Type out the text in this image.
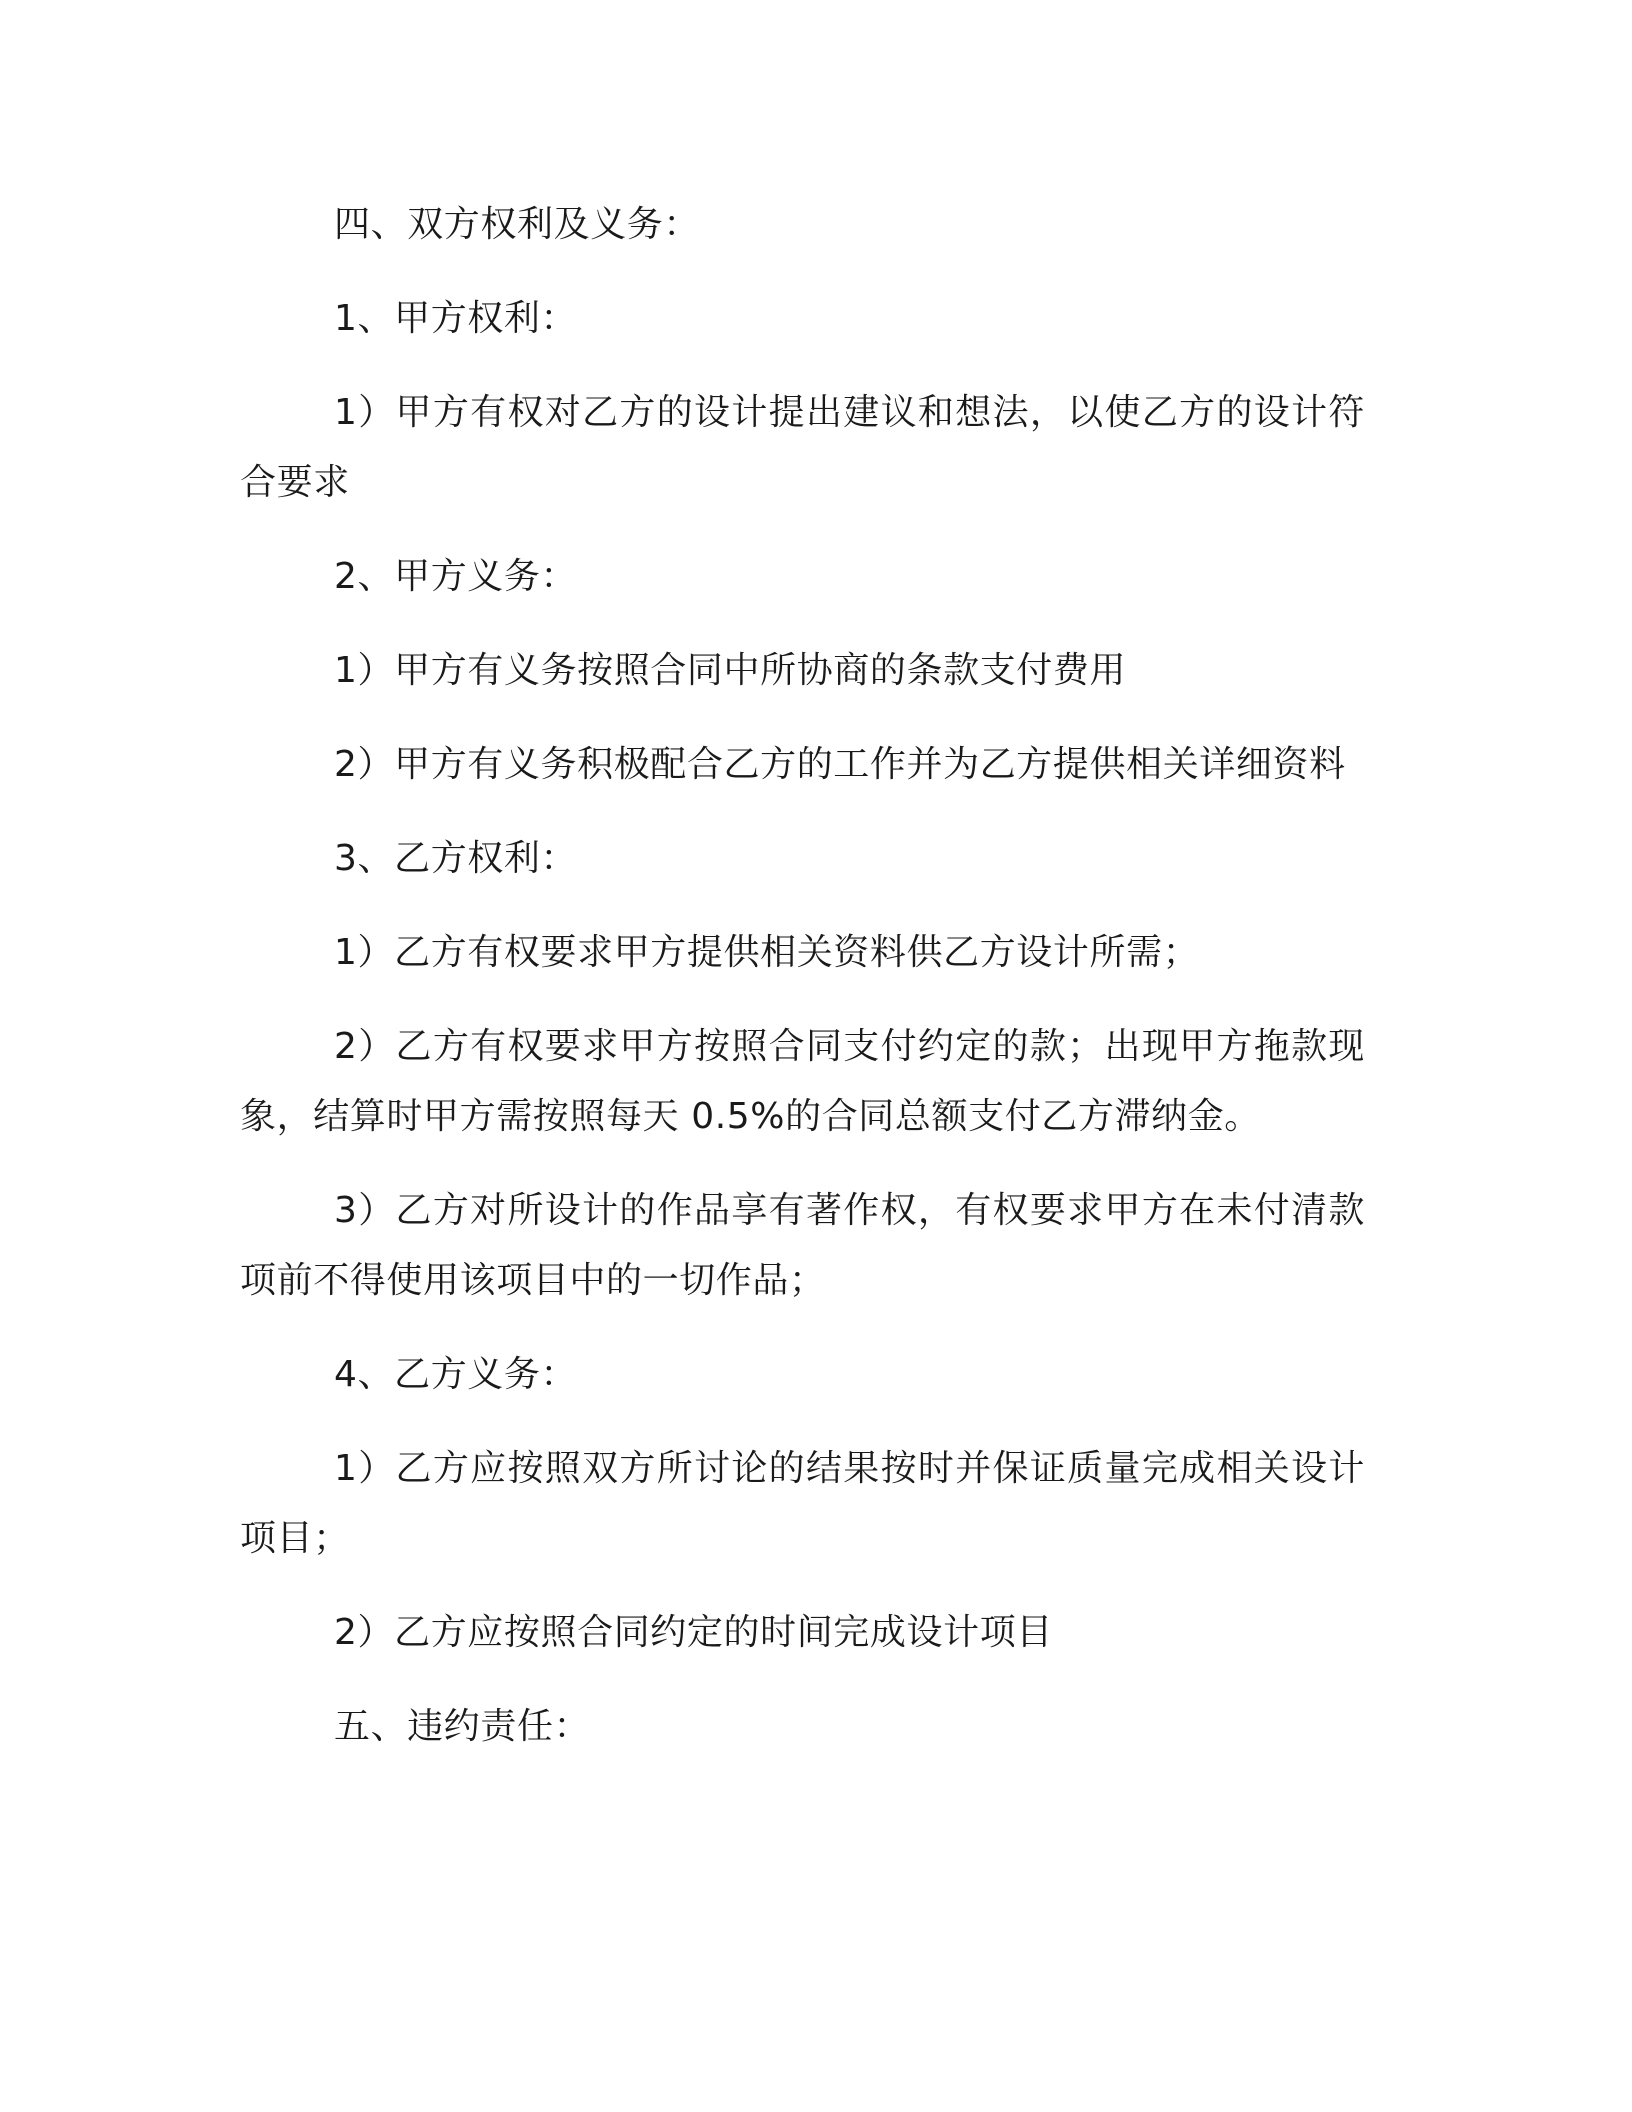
四、双方权利及义务：

1、甲方权利：

1）甲方有权对乙方的设计提出建议和想法，以使乙方的设计符合要求

2、甲方义务：

1）甲方有义务按照合同中所协商的条款支付费用

2）甲方有义务积极配合乙方的工作并为乙方提供相关详细资料

3、乙方权利：

1）乙方有权要求甲方提供相关资料供乙方设计所需；

2）乙方有权要求甲方按照合同支付约定的款；出现甲方拖款现象，结算时甲方需按照每天 0.5%的合同总额支付乙方滞纳金。

3）乙方对所设计的作品享有著作权，有权要求甲方在未付清款项前不得使用该项目中的一切作品；

4、乙方义务：

1）乙方应按照双方所讨论的结果按时并保证质量完成相关设计项目；

2）乙方应按照合同约定的时间完成设计项目

五、违约责任：
